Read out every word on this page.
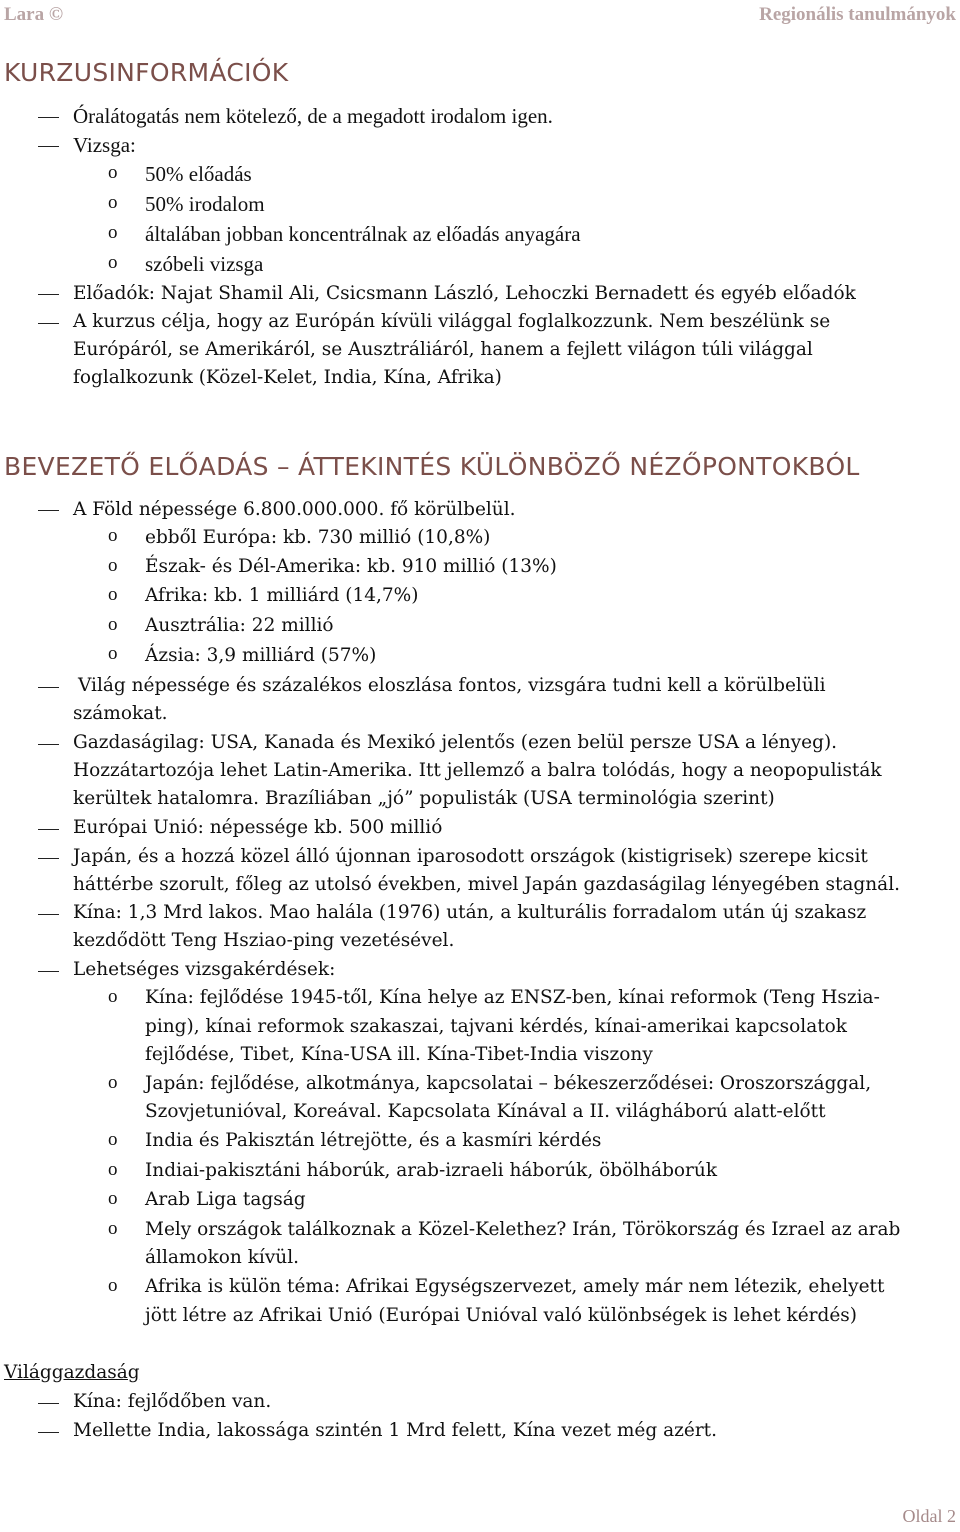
Lara ©	Regionális tanulmányok
KURZUSINFORMÁCIÓK
Óralátogatás nem kötelező, de a megadott irodalom igen.
Vizsga:
o 50% előadás
o 50% irodalom
o általában jobban koncentrálnak az előadás anyagára
o szóbeli vizsga
Előadók: Najat Shamil Ali, Csicsmann László, Lehoczki Bernadett és egyéb előadók
A kurzus célja, hogy az Európán kívüli világgal foglalkozzunk. Nem beszélünk se
Európáról, se Amerikáról, se Ausztráliáról, hanem a fejlett világon túli világgal
foglalkozunk (Közel-Kelet, India, Kína, Afrika)
BEVEZETŐ ELŐADÁS – ÁTTEKINTÉS KÜLÖNBÖZŐ NÉZŐPONTOKBÓL
A Föld népessége 6.800.000.000. fő körülbelül.
o ebből Európa: kb. 730 millió (10,8%)
o Észak- és Dél-Amerika: kb. 910 millió (13%)
o Afrika: kb. 1 milliárd (14,7%)
o Ausztrália: 22 millió
o Ázsia: 3,9 milliárd (57%)
Világ népessége és százalékos eloszlása fontos, vizsgára tudni kell a körülbelüli
számokat.
Gazdaságilag: USA, Kanada és Mexikó jelentős (ezen belül persze USA a lényeg).
Hozzátartozója lehet Latin-Amerika. Itt jellemző a balra tolódás, hogy a neopopulisták
kerültek hatalomra. Brazíliában „jó” populisták (USA terminológia szerint)
Európai Unió: népessége kb. 500 millió
Japán, és a hozzá közel álló újonnan iparosodott országok (kistigrisek) szerepe kicsit
háttérbe szorult, főleg az utolsó években, mivel Japán gazdaságilag lényegében stagnál.
Kína: 1,3 Mrd lakos. Mao halála (1976) után, a kulturális forradalom után új szakasz
kezdődött Teng Hsziao-ping vezetésével.
Lehetséges vizsgakérdések:
o Kína: fejlődése 1945-től, Kína helye az ENSZ-ben, kínai reformok (Teng Hszia-
ping), kínai reformok szakaszai, tajvani kérdés, kínai-amerikai kapcsolatok
fejlődése, Tibet, Kína-USA ill. Kína-Tibet-India viszony
o Japán: fejlődése, alkotmánya, kapcsolatai – békeszerződései: Oroszországgal,
Szovjetunióval, Koreával. Kapcsolata Kínával a II. világháború alatt-előtt
o India és Pakisztán létrejötte, és a kasmíri kérdés
o Indiai-pakisztáni háborúk, arab-izraeli háborúk, öbölháborúk
o Arab Liga tagság
o Mely országok találkoznak a Közel-Kelethez? Irán, Törökország és Izrael az arab
államokon kívül.
o Afrika is külön téma: Afrikai Egységszervezet, amely már nem létezik, ehelyett
jött létre az Afrikai Unió (Európai Unióval való különbségek is lehet kérdés)
Világgazdaság
Kína: fejlődőben van.
Mellette India, lakossága szintén 1 Mrd felett, Kína vezet még azért.
Oldal 2
